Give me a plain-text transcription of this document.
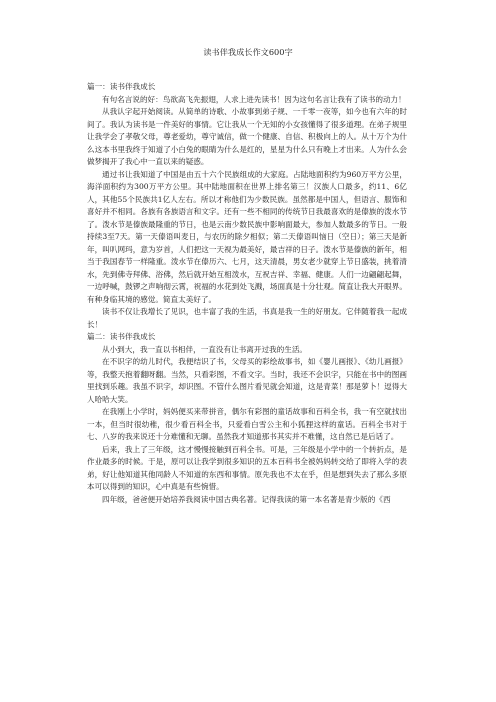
读书伴我成长作文600字

篇一：读书伴我成长

有句名言说的好：鸟欲高飞先振翅，人求上进先读书！因为这句名言让我有了读书的动力！

从我认字起开始阅读。从简单的诗歌、小故事到弟子规、一千零一夜等，如今也有六年的时间了。我认为读书是一件美好的事情。它让我从一个无知的小女孩懂得了很多道理。在弟子规里让我学会了孝敬父母，尊老爱幼，尊守诚信，做一个健康、自信、积极向上的人。从十万个为什么这本书里我终于知道了小白兔的眼睛为什么是红的，星星为什么只有晚上才出来。人为什么会做梦揭开了我心中一直以来的疑惑。

通过书让我知道了中国是由五十六个民族组成的大家庭。占陆地面积约为960万平方公里，海洋面积约为300万平方公里。其中陆地面积在世界上排名第三！汉族人口最多，约11、6亿人，其他55个民族共1亿人左右。所以才称他们为少数民族。虽然都是中国人，但语言、服饰和喜好并不相同。各族有各族语言和文字。还有一些不相同的传统节日我最喜欢的是傣族的泼水节了。泼水节是傣族最隆重的节日，也是云南少数民族中影响面最大，参加人数最多的节日。一般持续3至7天。第一天傣语叫麦日，与农历的除夕相似；第二天傣语叫恼日（空日）；第三天是新年，叫叭网玛，意为岁首，人们把这一天视为最美好，最吉祥的日子。泼水节是傣族的新年，相当于我国春节一样隆重。泼水节在傣历六、七月，这天清晨，男女老少就穿上节日盛装，挑着清水，先到佛寺拜佛、浴佛，然后就开始互相泼水，互祝吉祥、幸福、健康。人们一边翩翩起舞，一边呼喊，鼓锣之声响彻云霄，祝福的水花到处飞溅，场面真是十分壮观。简直让我大开眼界。有种身临其境的感觉。简直太美好了。

读书不仅让我增长了见识，也丰富了我的生活，书真是我一生的好朋友。它伴随着我一起成长！

篇二：读书伴我成长

从小到大，我一直以书相伴，一直没有让书离开过我的生活。

在不识字的幼儿时代，我便结识了书，父母买的彩绘故事书，如《婴儿画报》、《幼儿画报》等，我整天抱着翻呀翻。当然，只看彩图，不看文字。当时，我还不会识字，只能在书中的图画里找到乐趣。我虽不识字，却识图。不管什么图片看见就会知道，这是青菜！那是萝卜！逗得大人哈哈大笑。

在我刚上小学时，妈妈便买来带拼音，偶尔有彩图的童话故事和百科全书，我一有空就找出一本，但当时很幼稚，很少看百科全书，只爱看白雪公主和小狐狸这样的童话。百科全书对于七、八岁的我来说还十分难懂和无聊。虽然我才知道那书其实并不难懂，这自然已是后话了。

后来，我上了三年级，这才慢慢接触到百科全书。可是，三年级是小学中的一个转折点，是作业最多的时候。于是，原可以让我学到很多知识的五本百科书全被妈妈转交给了即将入学的表弟，好让他知道其他同龄人不知道的东西和事情。原先我也不太在乎，但是想到失去了那么多原本可以得到的知识，心中真是有些惋惜。

四年级，爸爸便开始培养我阅读中国古典名著。记得我读的第一本名著是青少版的《西
